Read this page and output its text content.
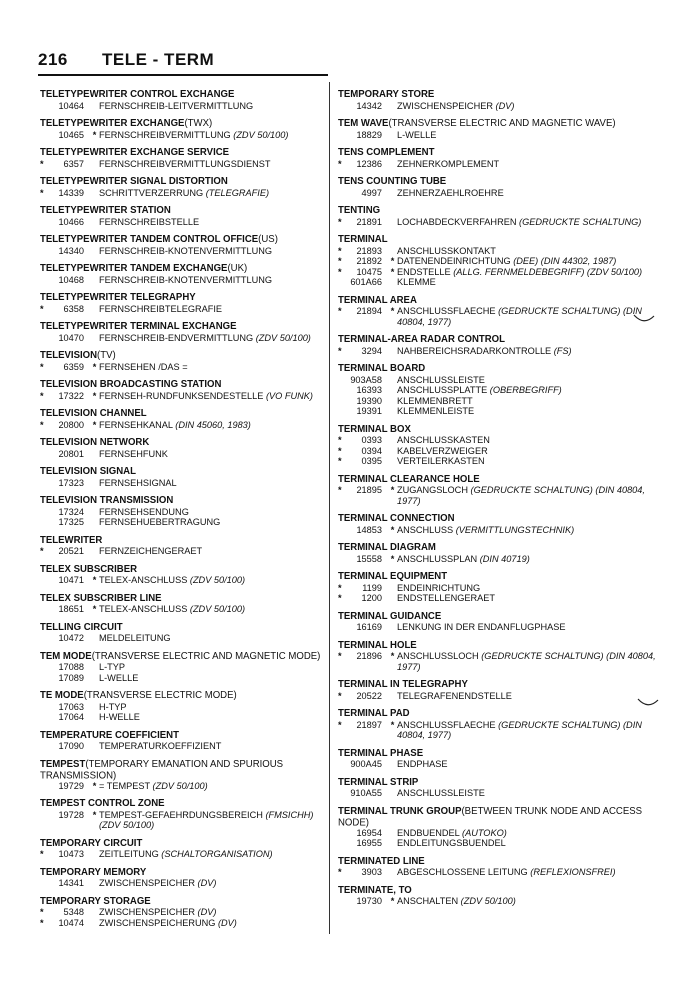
216 TELE - TERM
TELETYPEWRITER CONTROL EXCHANGE
10464	FERNSCHREIB-LEITVERMITTLUNG
TELETYPEWRITER EXCHANGE(TWX)
10465 * FERNSCHREIBVERMITTLUNG (ZDV 50/100)
TELETYPEWRITER EXCHANGE SERVICE
*	6357	FERNSCHREIBVERMITTLUNGSDIENST
TELETYPEWRITER SIGNAL DISTORTION
*	14339	SCHRITTVERZERRUNG (TELEGRAFIE)
TELETYPEWRITER STATION
10466	FERNSCHREIBSTELLE
TELETYPEWRITER TANDEM CONTROL OFFICE(US)
14340	FERNSCHREIB-KNOTENVERMITTLUNG
TELETYPEWRITER TANDEM EXCHANGE(UK)
10468	FERNSCHREIB-KNOTENVERMITTLUNG
TELETYPEWRITER TELEGRAPHY
*	6358	FERNSCHREIBTELEGRAFIE
TELETYPEWRITER TERMINAL EXCHANGE
10470	FERNSCHREIB-ENDVERMITTLUNG (ZDV 50/100)
TELEVISION(TV)
*	6359 * FERNSEHEN /DAS =
TELEVISION BROADCASTING STATION
*	17322 * FERNSEH-RUNDFUNKSENDESTELLE (VO FUNK)
TELEVISION CHANNEL
*	20800 * FERNSEHKANAL (DIN 45060, 1983)
TELEVISION NETWORK
20801	FERNSEHFUNK
TELEVISION SIGNAL
17323	FERNSEHSIGNAL
TELEVISION TRANSMISSION
17324	FERNSEHSENDUNG
17325	FERNSEHUEBERTRAGUNG
TELEWRITER
*	20521	FERNZEICHENGERAET
TELEX SUBSCRIBER
10471 * TELEX-ANSCHLUSS (ZDV 50/100)
TELEX SUBSCRIBER LINE
18651 * TELEX-ANSCHLUSS (ZDV 50/100)
TELLING CIRCUIT
10472	MELDELEITUNG
TEM MODE(TRANSVERSE ELECTRIC AND MAGNETIC MODE)
17088	L-TYP
17089	L-WELLE
TE MODE(TRANSVERSE ELECTRIC MODE)
17063	H-TYP
17064	H-WELLE
TEMPERATURE COEFFICIENT
17090	TEMPERATURKOEFFIZIENT
TEMPEST(TEMPORARY EMANATION AND SPURIOUS TRANSMISSION)
19729 * = TEMPEST (ZDV 50/100)
TEMPEST CONTROL ZONE
19728 * TEMPEST-GEFAEHRDUNGSBEREICH (FMSICHH) (ZDV 50/100)
TEMPORARY CIRCUIT
*	10473	ZEITLEITUNG (SCHALTORGANISATION)
TEMPORARY MEMORY
14341	ZWISCHENSPEICHER (DV)
TEMPORARY STORAGE
*	5348	ZWISCHENSPEICHER (DV)
*	10474	ZWISCHENSPEICHERUNG (DV)
TEMPORARY STORE
14342	ZWISCHENSPEICHER (DV)
TEM WAVE(TRANSVERSE ELECTRIC AND MAGNETIC WAVE)
18829	L-WELLE
TENS COMPLEMENT
*	12386	ZEHNERKOMPLEMENT
TENS COUNTING TUBE
4997	ZEHNERZAEHLROEHRE
TENTING
*	21891	LOCHABDECKVERFAHREN (GEDRUCKTE SCHALTUNG)
TERMINAL
*	21893	ANSCHLUSSKONTAKT
*	21892 * DATENENDEINRICHTUNG (DEE) (DIN 44302, 1987)
*	10475 * ENDSTELLE (ALLG. FERNMELDEBEGRIFF) (ZDV 50/100)
601A66	KLEMME
TERMINAL AREA
*	21894 * ANSCHLUSSFLAECHE (GEDRUCKTE SCHALTUNG) (DIN 40804, 1977)
TERMINAL-AREA RADAR CONTROL
*	3294	NAHBEREICHSRADARKONTROLLE (FS)
TERMINAL BOARD
903A58	ANSCHLUSSLEISTE
16393	ANSCHLUSSPLATTE (OBERBEGRIFF)
19390	KLEMMENBRETT
19391	KLEMMENLEISTE
TERMINAL BOX
*	0393	ANSCHLUSSKASTEN
*	0394	KABELVERZWEIGER
*	0395	VERTEILERKASTEN
TERMINAL CLEARANCE HOLE
*	21895 * ZUGANGSLOCH (GEDRUCKTE SCHALTUNG) (DIN 40804, 1977)
TERMINAL CONNECTION
14853 * ANSCHLUSS (VERMITTLUNGSTECHNIK)
TERMINAL DIAGRAM
15558 * ANSCHLUSSPLAN (DIN 40719)
TERMINAL EQUIPMENT
*	1199	ENDEINRICHTUNG
*	1200	ENDSTELLENGERAET
TERMINAL GUIDANCE
16169	LENKUNG IN DER ENDANFLUGPHASE
TERMINAL HOLE
*	21896 * ANSCHLUSSLOCH (GEDRUCKTE SCHALTUNG) (DIN 40804, 1977)
TERMINAL IN TELEGRAPHY
*	20522	TELEGRAFENENDSTELLE
TERMINAL PAD
*	21897 * ANSCHLUSSFLAECHE (GEDRUCKTE SCHALTUNG) (DIN 40804, 1977)
TERMINAL PHASE
900A45	ENDPHASE
TERMINAL STRIP
910A55	ANSCHLUSSLEISTE
TERMINAL TRUNK GROUP(BETWEEN TRUNK NODE AND ACCESS NODE)
16954	ENDBUENDEL (AUTOKO)
16955	ENDLEITUNGSBUENDEL
TERMINATED LINE
*	3903	ABGESCHLOSSENE LEITUNG (REFLEXIONSFREI)
TERMINATE, TO
19730 * ANSCHALTEN (ZDV 50/100)
